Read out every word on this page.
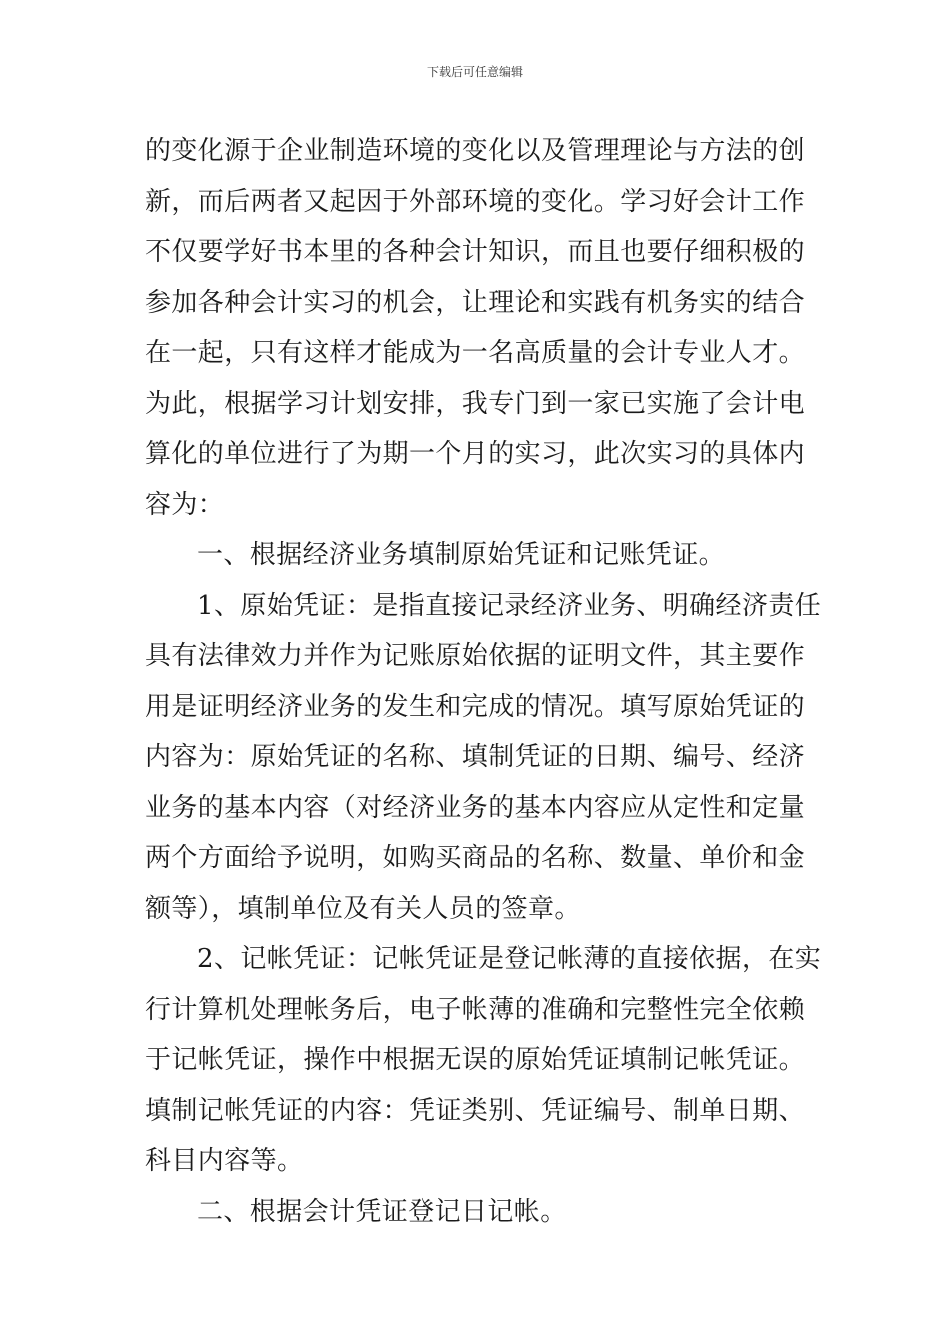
下载后可任意编辑
的变化源于企业制造环境的变化以及管理理论与方法的创
新，而后两者又起因于外部环境的变化。学习好会计工作
不仅要学好书本里的各种会计知识，而且也要仔细积极的
参加各种会计实习的机会，让理论和实践有机务实的结合
在一起，只有这样才能成为一名高质量的会计专业人才。
为此，根据学习计划安排，我专门到一家已实施了会计电
算化的单位进行了为期一个月的实习，此次实习的具体内
容为：
一、根据经济业务填制原始凭证和记账凭证。
1、原始凭证：是指直接记录经济业务、明确经济责任
具有法律效力并作为记账原始依据的证明文件，其主要作
用是证明经济业务的发生和完成的情况。填写原始凭证的
内容为：原始凭证的名称、填制凭证的日期、编号、经济
业务的基本内容（对经济业务的基本内容应从定性和定量
两个方面给予说明，如购买商品的名称、数量、单价和金
额等），填制单位及有关人员的签章。
2、记帐凭证：记帐凭证是登记帐薄的直接依据，在实
行计算机处理帐务后，电子帐薄的准确和完整性完全依赖
于记帐凭证，操作中根据无误的原始凭证填制记帐凭证。
填制记帐凭证的内容：凭证类别、凭证编号、制单日期、
科目内容等。
二、根据会计凭证登记日记帐。
